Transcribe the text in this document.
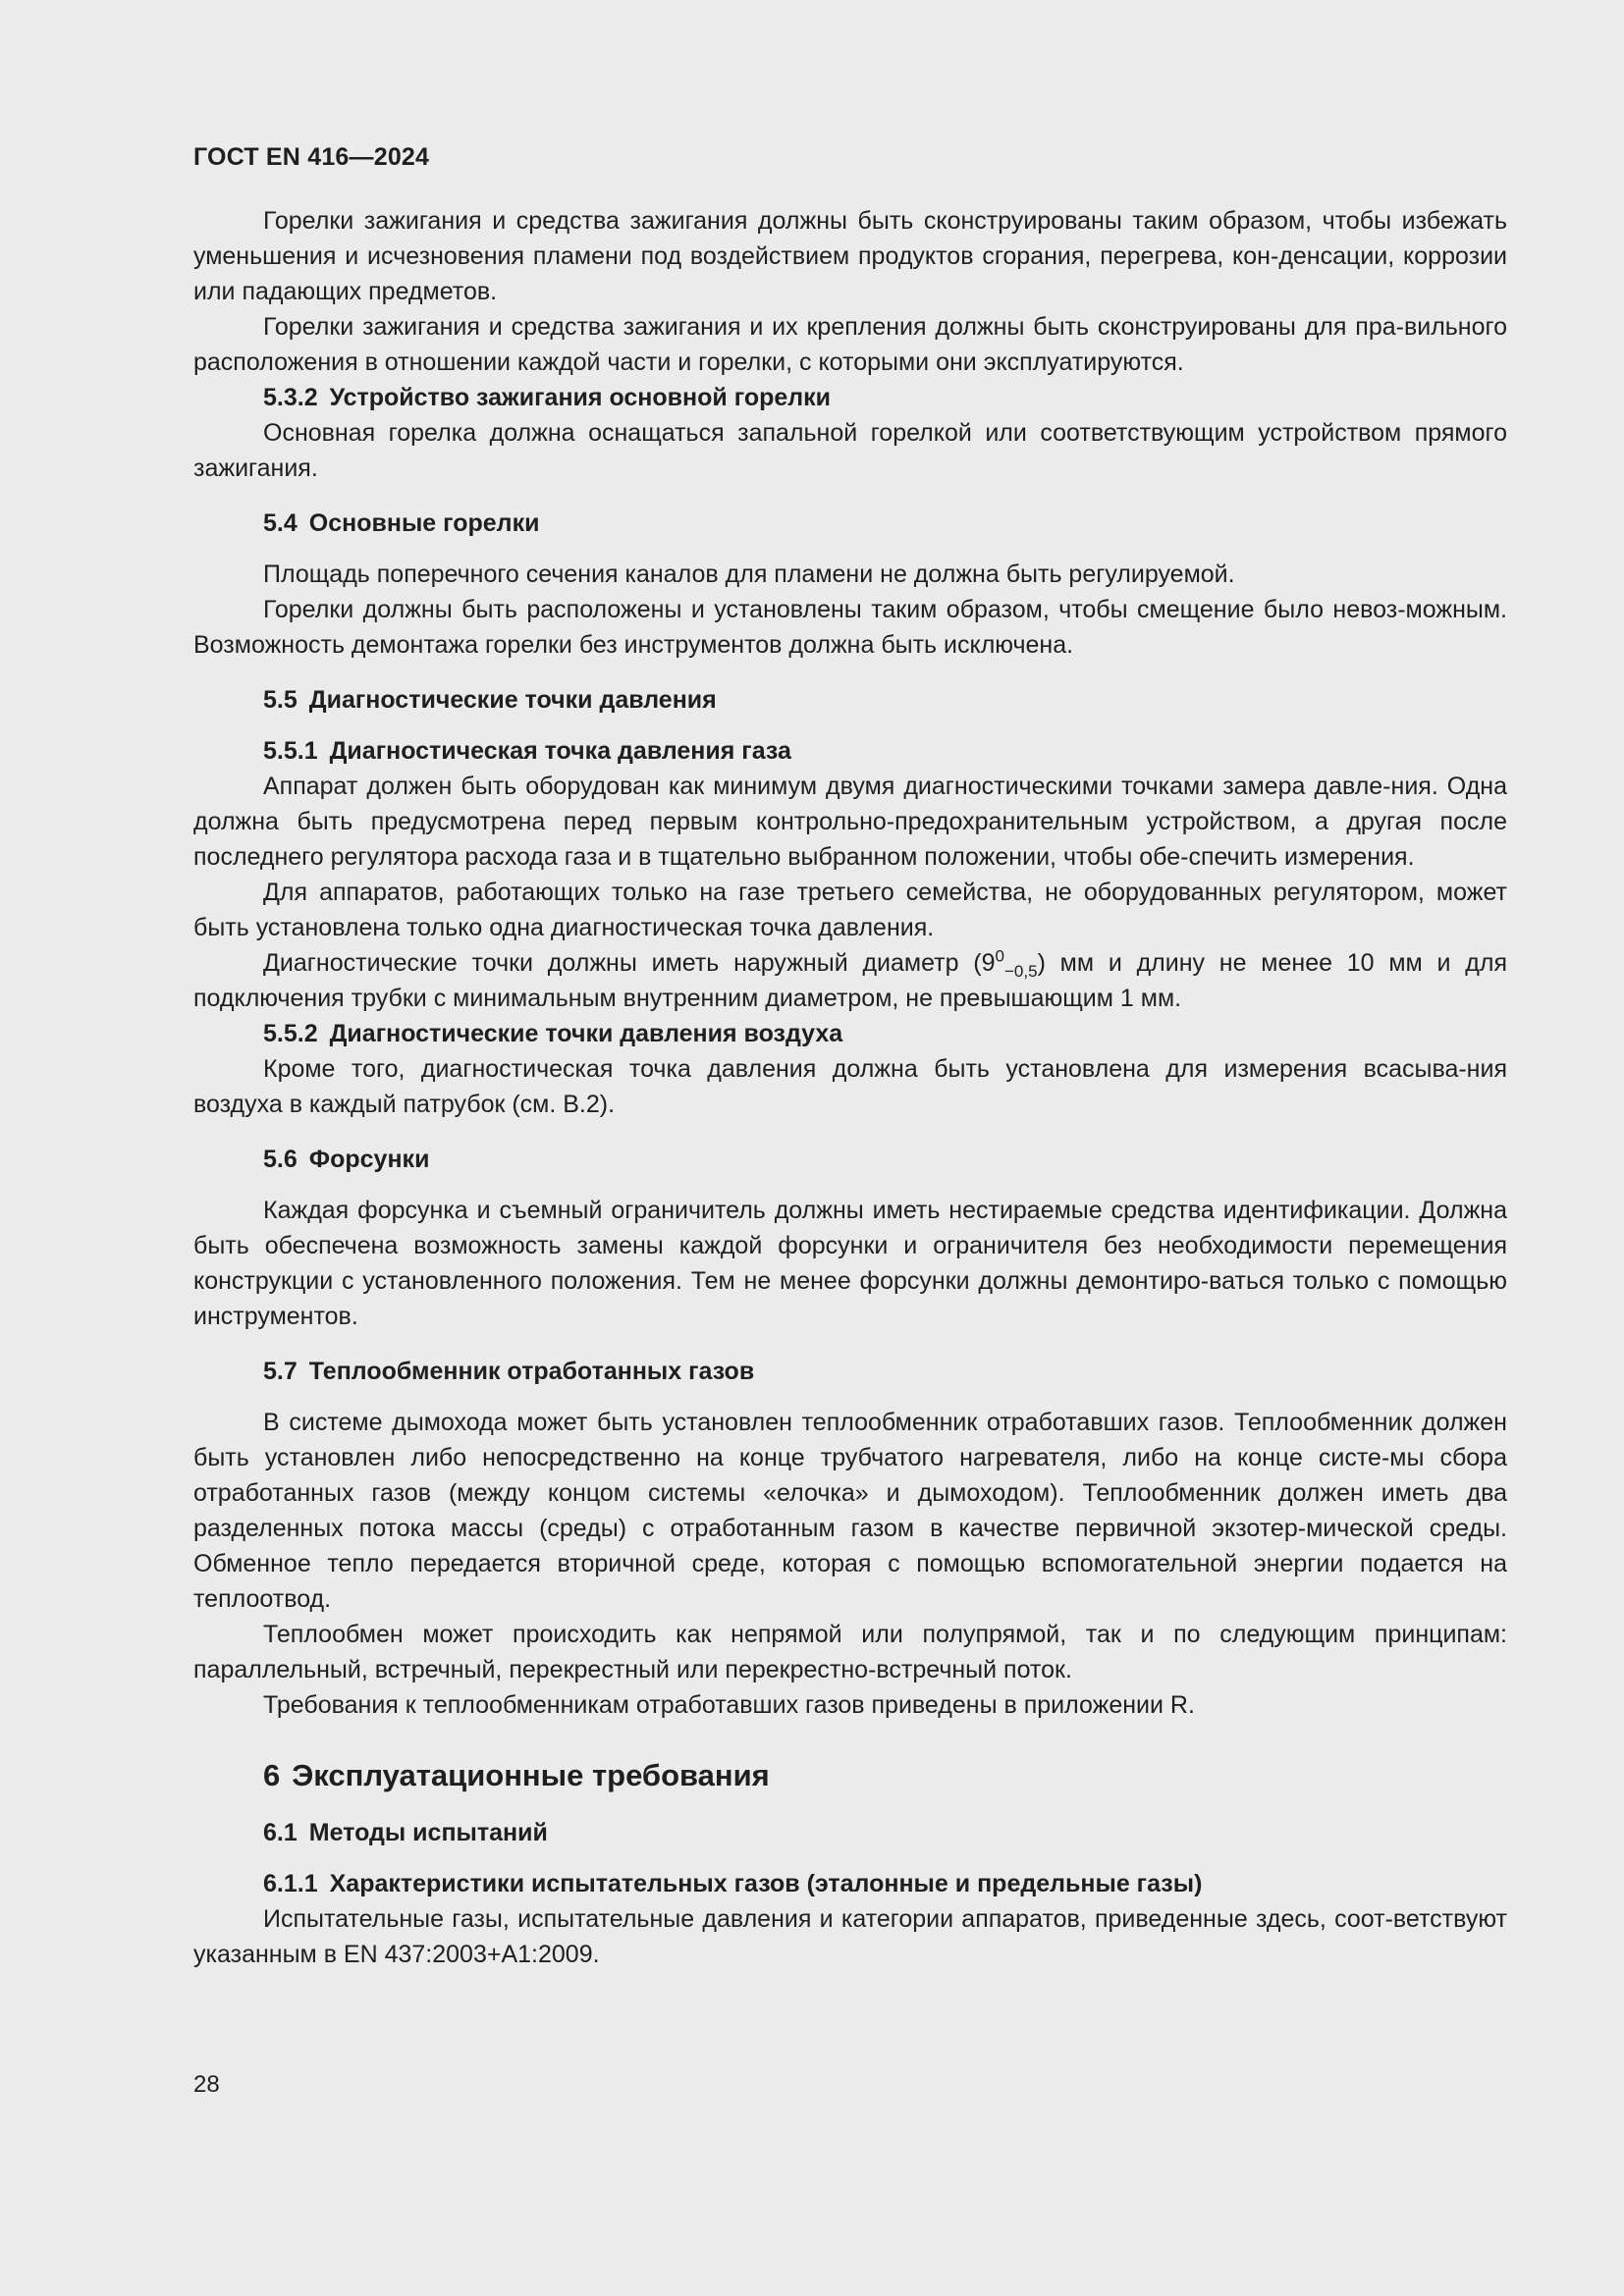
ГОСТ EN 416—2024

Горелки зажигания и средства зажигания должны быть сконструированы таким образом, чтобы избежать уменьшения и исчезновения пламени под воздействием продуктов сгорания, перегрева, кон-денсации, коррозии или падающих предметов.

Горелки зажигания и средства зажигания и их крепления должны быть сконструированы для пра-вильного расположения в отношении каждой части и горелки, с которыми они эксплуатируются.

5.3.2 Устройство зажигания основной горелки

Основная горелка должна оснащаться запальной горелкой или соответствующим устройством прямого зажигания.

5.4 Основные горелки

Площадь поперечного сечения каналов для пламени не должна быть регулируемой.

Горелки должны быть расположены и установлены таким образом, чтобы смещение было невоз-можным. Возможность демонтажа горелки без инструментов должна быть исключена.

5.5 Диагностические точки давления
5.5.1 Диагностическая точка давления газа

Аппарат должен быть оборудован как минимум двумя диагностическими точками замера давле-ния. Одна должна быть предусмотрена перед первым контрольно-предохранительным устройством, а другая после последнего регулятора расхода газа и в тщательно выбранном положении, чтобы обе-спечить измерения.

Для аппаратов, работающих только на газе третьего семейства, не оборудованных регулятором, может быть установлена только одна диагностическая точка давления.

Диагностические точки должны иметь наружный диаметр $(9^0_{-0,5})$ мм и длину не менее 10 мм и для подключения трубки с минимальным внутренним диаметром, не превышающим 1 мм.

5.5.2 Диагностические точки давления воздуха

Кроме того, диагностическая точка давления должна быть установлена для измерения всасыва-ния воздуха в каждый патрубок (см. B.2).

5.6 Форсунки

Каждая форсунка и съемный ограничитель должны иметь нестираемые средства идентификации. Должна быть обеспечена возможность замены каждой форсунки и ограничителя без необходимости перемещения конструкции с установленного положения. Тем не менее форсунки должны демонтиро-ваться только с помощью инструментов.

5.7 Теплообменник отработанных газов

В системе дымохода может быть установлен теплообменник отработавших газов. Теплообменник должен быть установлен либо непосредственно на конце трубчатого нагревателя, либо на конце систе-мы сбора отработанных газов (между концом системы «елочка» и дымоходом). Теплообменник должен иметь два разделенных потока массы (среды) с отработанным газом в качестве первичной экзотер-мической среды. Обменное тепло передается вторичной среде, которая с помощью вспомогательной энергии подается на теплоотвод.

Теплообмен может происходить как непрямой или полупрямой, так и по следующим принципам: параллельный, встречный, перекрестный или перекрестно-встречный поток.

Требования к теплообменникам отработавших газов приведены в приложении R.

6 Эксплуатационные требования
6.1 Методы испытаний
6.1.1 Характеристики испытательных газов (эталонные и предельные газы)

Испытательные газы, испытательные давления и категории аппаратов, приведенные здесь, соот-ветствуют указанным в EN 437:2003+A1:2009.

28
